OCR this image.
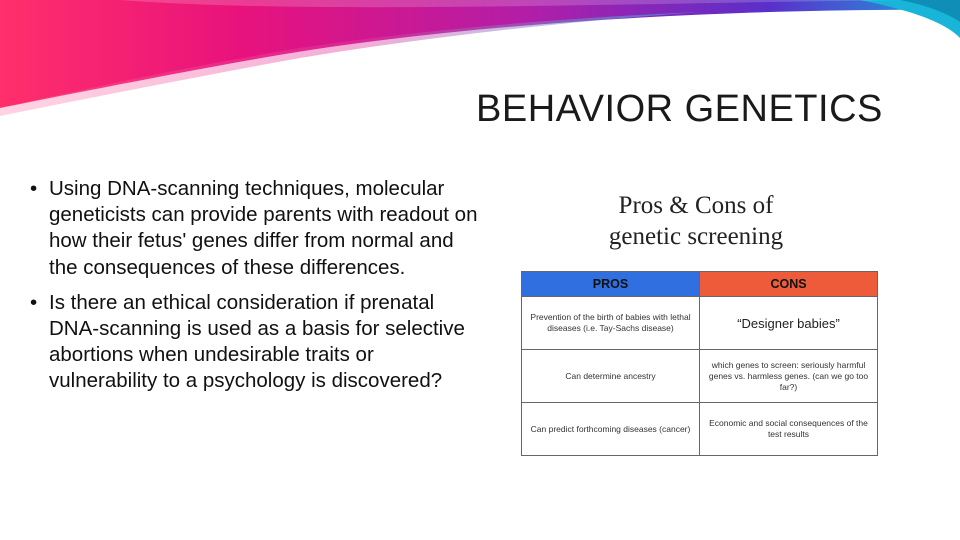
BEHAVIOR GENETICS
• Using DNA-scanning techniques, molecular geneticists can provide parents with readout on how their fetus' genes differ from normal and the consequences of these differences.
• Is there an ethical consideration if prenatal DNA-scanning is used as a basis for selective abortions when undesirable traits or vulnerability to a psychology is discovered?
Pros & Cons of
genetic screening
PROS	CONS
Prevention of the birth of babies with lethal diseases (i.e. Tay-Sachs disease)	“Designer babies”
Can determine ancestry	which genes to screen: seriously harmful genes vs. harmless genes. (can we go too far?)
Can predict forthcoming diseases (cancer)	Economic and social consequences of the test results
